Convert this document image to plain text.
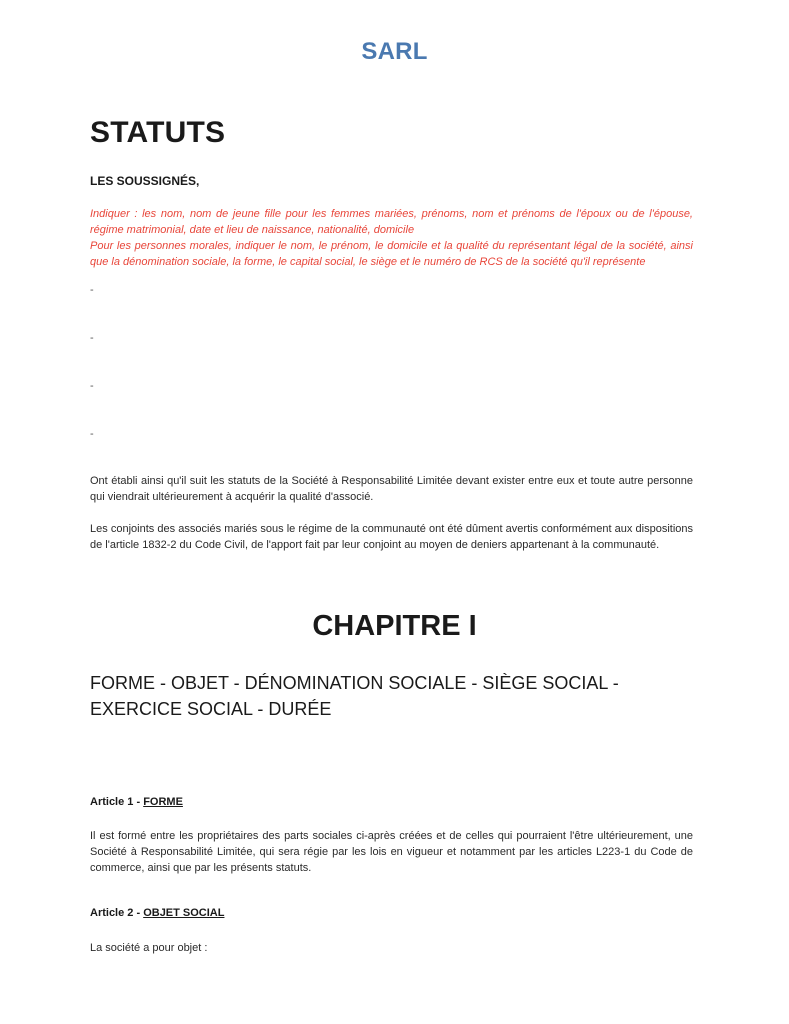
SARL
STATUTS
LES SOUSSIGNÉS,
Indiquer : les nom, nom de jeune fille pour les femmes mariées, prénoms, nom et prénoms de l'époux ou de l'épouse, régime matrimonial, date et lieu de naissance, nationalité, domicile
Pour les personnes morales, indiquer le nom, le prénom, le domicile et la qualité du représentant légal de la société, ainsi que la dénomination sociale, la forme, le capital social, le siège et le numéro de RCS de la société qu'il représente
-
-
-
-
Ont établi ainsi qu'il suit les statuts de la Société à Responsabilité Limitée devant exister entre eux et toute autre personne qui viendrait ultérieurement à acquérir la qualité d'associé.
Les conjoints des associés mariés sous le régime de la communauté ont été dûment avertis conformément aux dispositions de l'article 1832-2 du Code Civil, de l'apport fait par leur conjoint au moyen de deniers appartenant à la communauté.
CHAPITRE I
FORME - OBJET - DÉNOMINATION SOCIALE - SIÈGE SOCIAL - EXERCICE SOCIAL - DURÉE
Article 1 - FORME
Il est formé entre les propriétaires des parts sociales ci-après créées et de celles qui pourraient l'être ultérieurement, une Société à Responsabilité Limitée, qui sera régie par les lois en vigueur et notamment par les articles L223-1 du Code de commerce, ainsi que par les présents statuts.
Article 2 - OBJET SOCIAL
La société a pour objet :
